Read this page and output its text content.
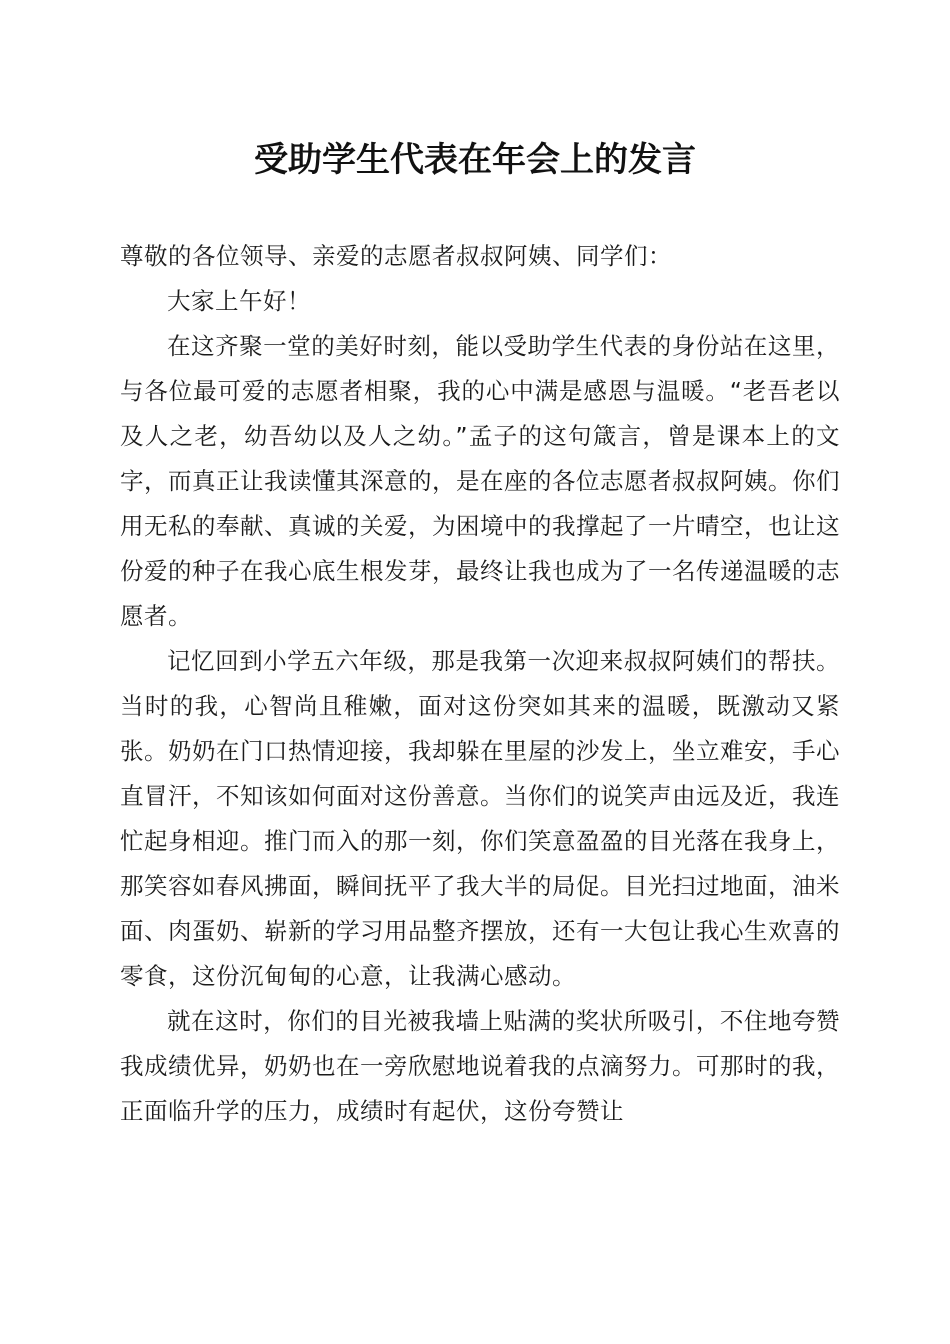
受助学生代表在年会上的发言

尊敬的各位领导、亲爱的志愿者叔叔阿姨、同学们：

大家上午好！

在这齐聚一堂的美好时刻，能以受助学生代表的身份站在这里，与各位最可爱的志愿者相聚，我的心中满是感恩与温暖。“老吾老以及人之老，幼吾幼以及人之幼。”孟子的这句箴言，曾是课本上的文字，而真正让我读懂其深意的，是在座的各位志愿者叔叔阿姨。你们用无私的奉献、真诚的关爱，为困境中的我撑起了一片晴空，也让这份爱的种子在我心底生根发芽，最终让我也成为了一名传递温暖的志愿者。

记忆回到小学五六年级，那是我第一次迎来叔叔阿姨们的帮扶。当时的我，心智尚且稚嫩，面对这份突如其来的温暖，既激动又紧张。奶奶在门口热情迎接，我却躲在里屋的沙发上，坐立难安，手心直冒汗，不知该如何面对这份善意。当你们的说笑声由远及近，我连忙起身相迎。推门而入的那一刻，你们笑意盈盈的目光落在我身上，那笑容如春风拂面，瞬间抚平了我大半的局促。目光扫过地面，油米面、肉蛋奶、崭新的学习用品整齐摆放，还有一大包让我心生欢喜的零食，这份沉甸甸的心意，让我满心感动。

就在这时，你们的目光被我墙上贴满的奖状所吸引，不住地夸赞我成绩优异，奶奶也在一旁欣慰地说着我的点滴努力。可那时的我，正面临升学的压力，成绩时有起伏，这份夸赞让
